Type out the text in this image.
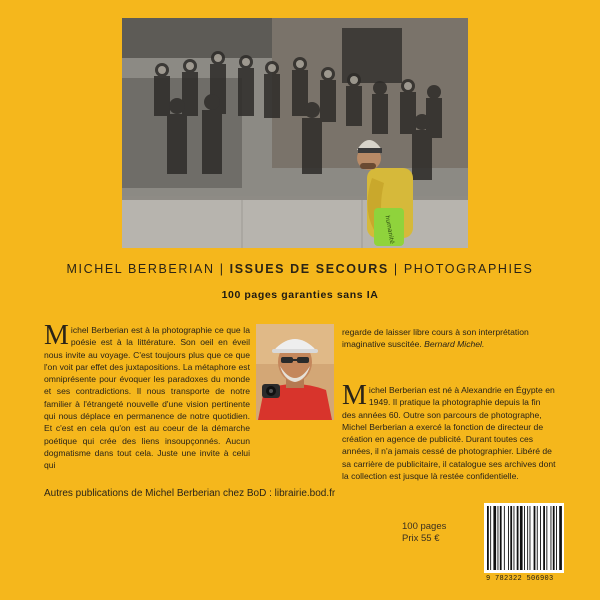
humanité
MICHEL BERBERIAN | ISSUES DE SECOURS | PHOTOGRAPHIES
100 pages garanties sans IA
Michel Berberian est à la photographie ce que la poésie est à la littérature. Son oeil en éveil nous invite au voyage. C'est toujours plus que ce que l'on voit par effet des juxtapositions. La métaphore est omniprésente pour évoquer les paradoxes du monde et ses contradictions. Il nous transporte de notre familier à l'étrangeté nouvelle d'une vision pertinente qui nous déplace en permanence de notre quotidien. Et c'est en cela qu'on est au coeur de la démarche poétique qui crée des liens insoupçonnés. Aucun dogmatisme dans tout cela. Juste une invite à celui qui
regarde de laisser libre cours à son interprétation imaginative suscitée. Bernard Michel.
Michel Berberian est né à Alexandrie en Égypte en 1949. Il pratique la photographie depuis la fin des années 60. Outre son parcours de photographe, Michel Berberian a exercé la fonction de directeur de création en agence de publicité. Durant toutes ces années, il n'a jamais cessé de photographier. Libéré de sa carrière de publicitaire, il catalogue ses archives dont la collection est jusque là restée confidentielle.
Autres publications de Michel Berberian chez BoD : librairie.bod.fr
100 pages
Prix 55 €
9 782322 506903
